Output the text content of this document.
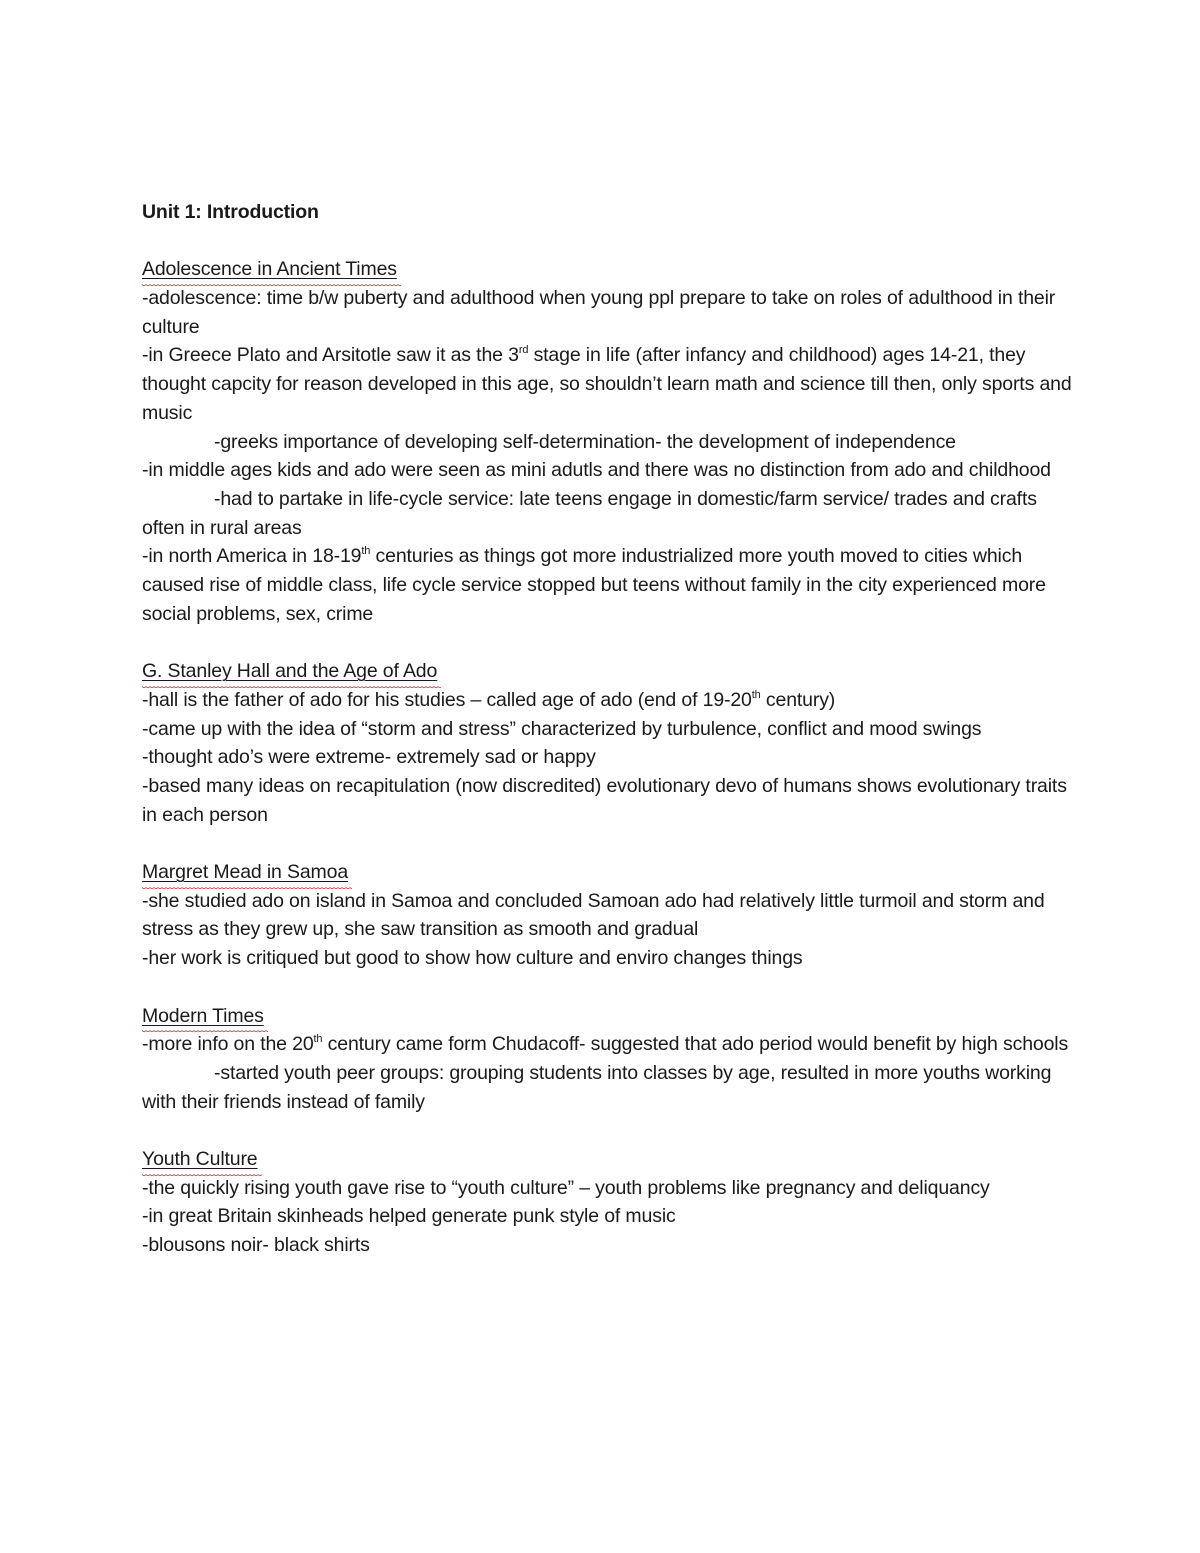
Unit 1: Introduction
Adolescence in Ancient Times

-adolescence: time b/w puberty and adulthood when young ppl prepare to take on roles of adulthood in their culture

-in Greece Plato and Arsitotle saw it as the 3rd stage in life (after infancy and childhood) ages 14-21, they thought capcity for reason developed in this age, so shouldn’t learn math and science till then, only sports and music

-greeks importance of developing self-determination- the development of independence

-in middle ages kids and ado were seen as mini adutls and there was no distinction from ado and childhood

-had to partake in life-cycle service: late teens engage in domestic/farm service/ trades and crafts often in rural areas

-in north America in 18-19th centuries as things got more industrialized more youth moved to cities which caused rise of middle class, life cycle service stopped but teens without family in the city experienced more social problems, sex, crime

G. Stanley Hall and the Age of Ado

-hall is the father of ado for his studies – called age of ado (end of 19-20th century)

-came up with the idea of “storm and stress” characterized by turbulence, conflict and mood swings

-thought ado’s were extreme- extremely sad or happy

-based many ideas on recapitulation (now discredited) evolutionary devo of humans shows evolutionary traits in each person

Margret Mead in Samoa

-she studied ado on island in Samoa and concluded Samoan ado had relatively little turmoil and storm and stress as they grew up, she saw transition as smooth and gradual

-her work is critiqued but good to show how culture and enviro changes things

Modern Times

-more info on the 20th century came form Chudacoff- suggested that ado period would benefit by high schools

-started youth peer groups: grouping students into classes by age, resulted in more youths working with their friends instead of family

Youth Culture

-the quickly rising youth gave rise to “youth culture” – youth problems like pregnancy and deliquancy

-in great Britain skinheads helped generate punk style of music

-blousons noir- black shirts
